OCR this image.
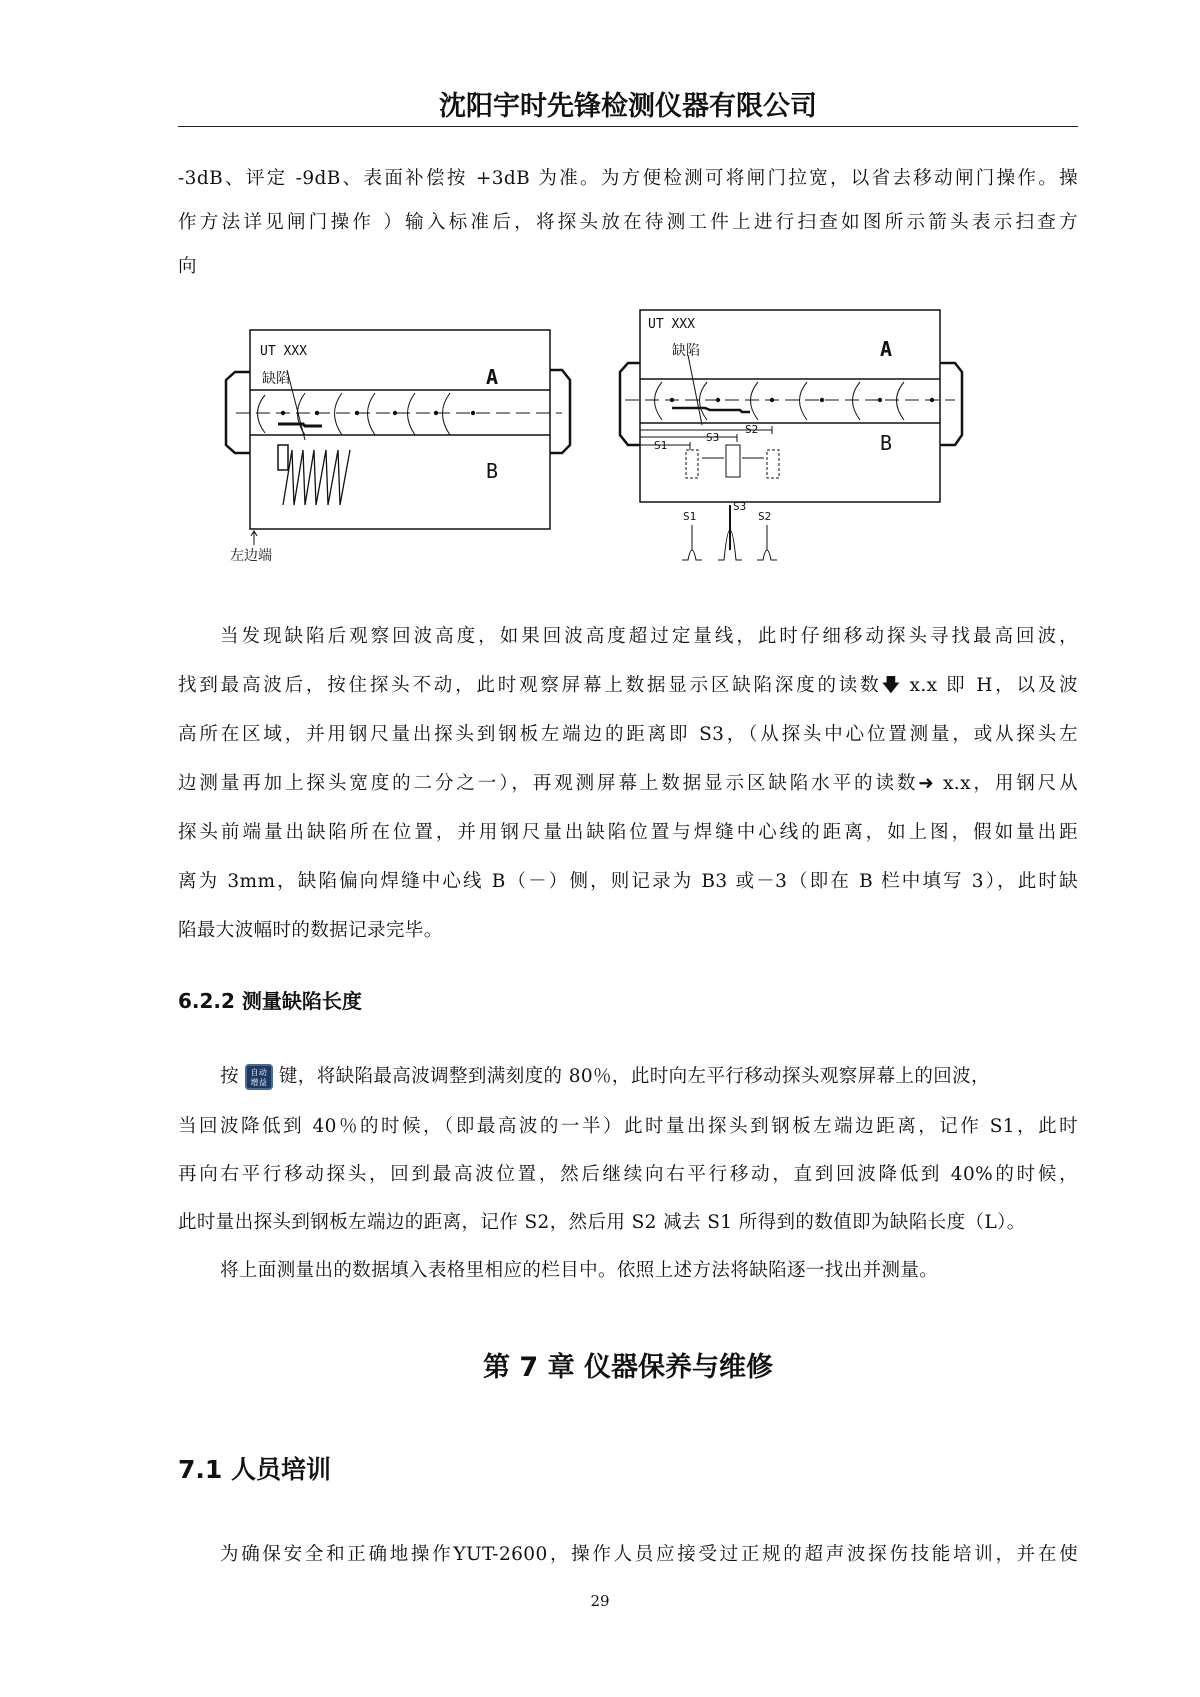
沈阳宇时先锋检测仪器有限公司
-3dB、评定 -9dB、表面补偿按 +3dB 为准。为方便检测可将闸门拉宽，以省去移动闸门操作。操
作方法详见闸门操作 ）输入标准后，将探头放在待测工件上进行扫查如图所示箭头表示扫查方
向
UT XXX
缺陷	A
B
左边端
UT XXX
缺陷	A
B
S1
S3
S2
S1
S3
S2
当发现缺陷后观察回波高度，如果回波高度超过定量线，此时仔细移动探头寻找最高回波，
找到最高波后，按住探头不动，此时观察屏幕上数据显示区缺陷深度的读数🡇 x.x 即 H，以及波
高所在区域，并用钢尺量出探头到钢板左端边的距离即 S3，（从探头中心位置测量，或从探头左
边测量再加上探头宽度的二分之一），再观测屏幕上数据显示区缺陷水平的读数➜ x.x，用钢尺从
探头前端量出缺陷所在位置，并用钢尺量出缺陷位置与焊缝中心线的距离，如上图，假如量出距
离为 3mm，缺陷偏向焊缝中心线 B（－）侧，则记录为 B3 或－3（即在 B 栏中填写 3），此时缺
陷最大波幅时的数据记录完毕。
6.2.2 测量缺陷长度
按 自动
增益 键，将缺陷最高波调整到满刻度的 80％，此时向左平行移动探头观察屏幕上的回波，
当回波降低到 40％的时候，（即最高波的一半）此时量出探头到钢板左端边距离，记作 S1，此时
再向右平行移动探头，回到最高波位置，然后继续向右平行移动，直到回波降低到 40%的时候，
此时量出探头到钢板左端边的距离，记作 S2，然后用 S2 减去 S1 所得到的数值即为缺陷长度（L）。
将上面测量出的数据填入表格里相应的栏目中。依照上述方法将缺陷逐一找出并测量。
第 7 章 仪器保养与维修
7.1 人员培训
为确保安全和正确地操作YUT-2600，操作人员应接受过正规的超声波探伤技能培训，并在使
29
